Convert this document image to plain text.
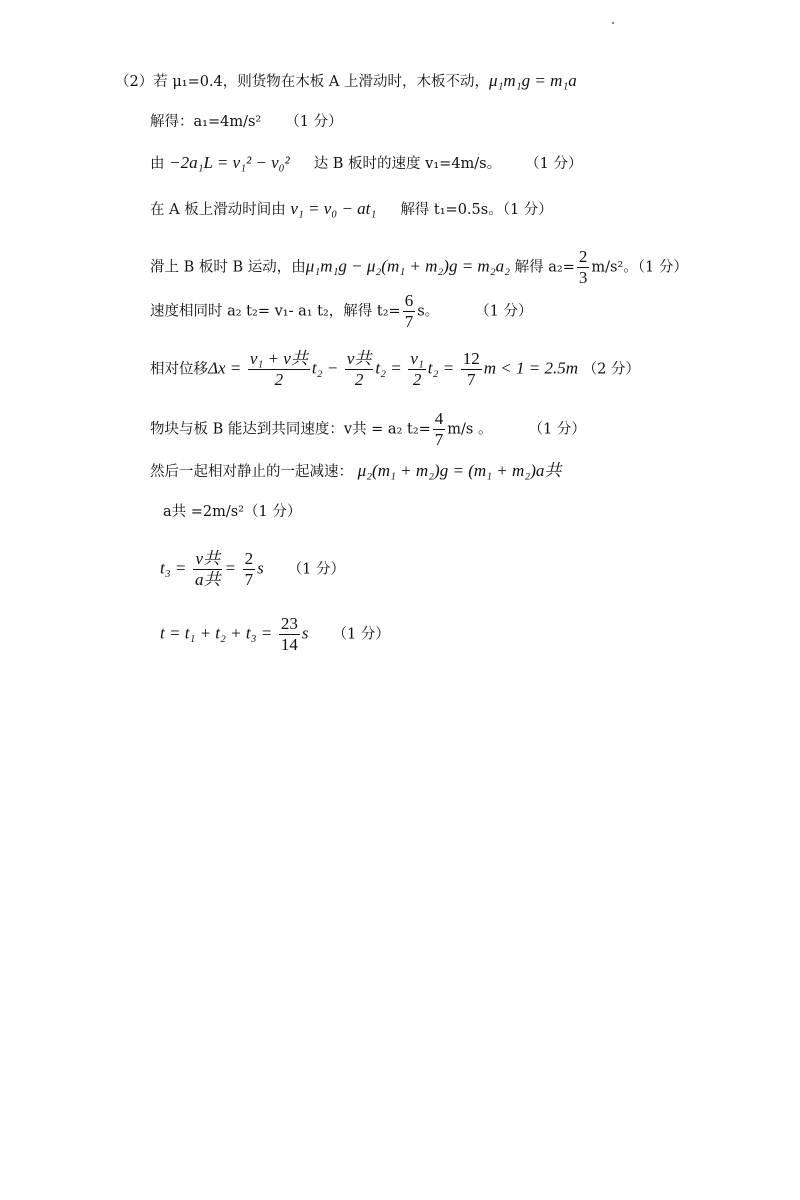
（2）若 μ₁=0.4，则货物在木板 A 上滑动时，木板不动，μ₁m₁g = m₁a
解得：a₁=4m/s² （1 分）
由 −2a₁L = v₁² − v₀² 达 B 板时的速度 v₁=4m/s。 （1 分）
在 A 板上滑动时间由 v₁ = v₀ − at₁ 解得 t₁=0.5s。（1 分）
滑上 B 板时 B 运动，由μ₁m₁g − μ₂(m₁ + m₂)g = m₂a₂ 解得 $a_2= \frac{2}{3} m/s^2$。（1 分）
速度相同时 a₂ t₂= v₁- a₁ t₂，解得 $t_2= \frac{6}{7}$ s。 （1 分）
相对位移$\Delta x = \frac{\text{v₁ + v共}}{2} t_2 - \frac{\text{v共}}{2} t_2 = \frac{\text{v₁}}{2} t_2 = \frac{12}{7}$ m < 1 = 2.5m （2 分）
物块与板 B 能达到共同速度：v共 = a₂ $t_2= \frac{4}{7} m/s$ 。 （1 分）
然后一起相对静止的一起减速： μ₂(m₁ + m₂)g = (m₁ + m₂)a共
a共 =2m/s²（1 分）
$t_3 = \frac{\text{v共}}{\text{a共}} = \frac{2}{7}$ s （1 分）
$t = t_1 + t_2 + t_3 = \frac{23}{14}$ s （1 分）
